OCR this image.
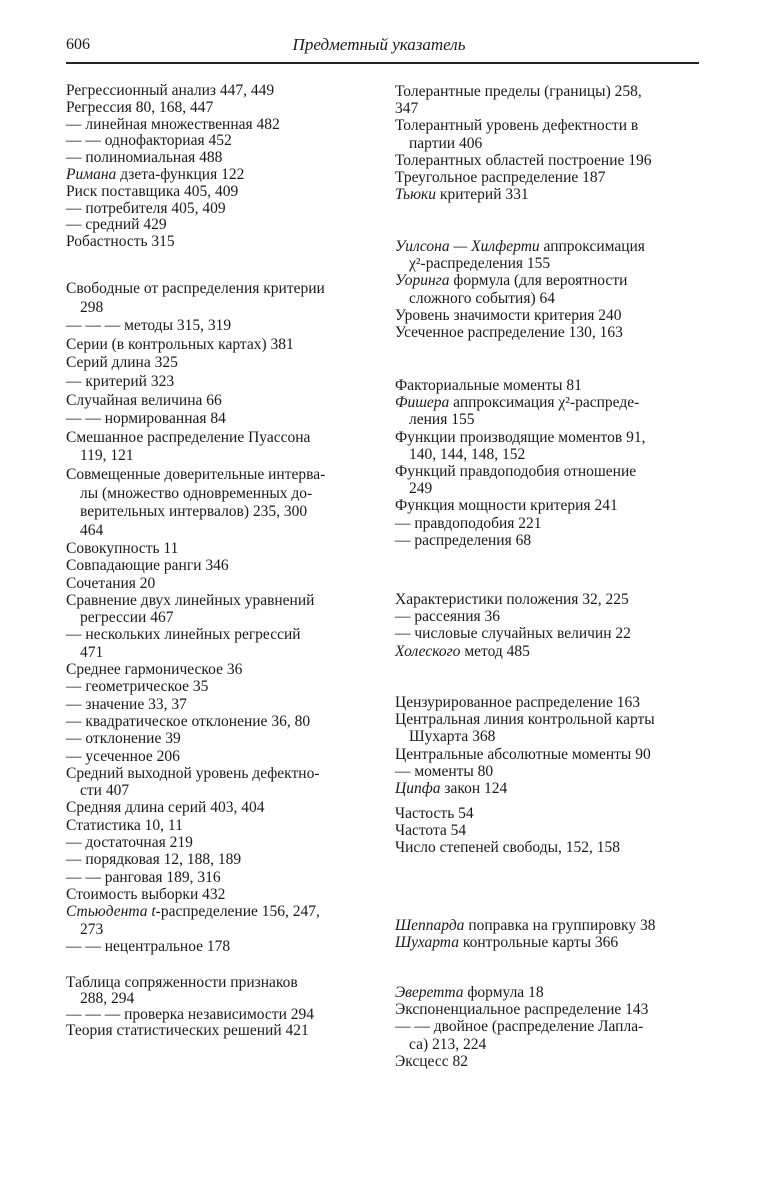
606	Предметный указатель
Регрессионный анализ 447, 449
Регрессия 80, 168, 447
— линейная множественная 482
— — однофакториая 452
— полиномиальная 488
Римана дзета-функция 122
Риск поставщика 405, 409
— потребителя 405, 409
— средний 429
Робастность 315
Свободные от распределения критерии
298
— — — методы 315, 319
Серии (в контрольных картах) 381
Серий длина 325
— критерий 323
Случайная величина 66
— — нормированная 84
Смешанное распределение Пуассона
119, 121
Совмещенные доверительные интерва-
лы (множество одновременных до-
верительных интервалов) 235, 300
464
Совокупность 11
Совпадающие ранги 346
Сочетания 20
Сравнение двух линейных уравнений
регрессии 467
— нескольких линейных регрессий
471
Среднее гармоническое 36
— геометрическое 35
— значение 33, 37
— квадратическое отклонение 36, 80
— отклонение 39
— усеченное 206
Средний выходной уровень дефектно-
сти 407
Средняя длина серий 403, 404
Статистика 10, 11
— достаточная 219
— порядковая 12, 188, 189
— — ранговая 189, 316
Стоимость выборки 432
Стьюдента t-распределение 156, 247,
273
— — нецентральное 178
Таблица сопряженности признаков
288, 294
— — — проверка независимости 294
Теория статистических решений 421
Толерантные пределы (границы) 258,
347
Толерантный уровень дефектности в
партии 406
Толерантных областей построение 196
Треугольное распределение 187
Тьюки критерий 331
Уилсона — Хилферти аппроксимация
χ²-распределения 155
Уоринга формула (для вероятности
сложного события) 64
Уровень значимости критерия 240
Усеченное распределение 130, 163
Факториальные моменты 81
Фишера аппроксимация χ²-распреде-
ления 155
Функции производящие моментов 91,
140, 144, 148, 152
Функций правдоподобия отношение
249
Функция мощности критерия 241
— правдоподобия 221
— распределения 68
Характеристики положения 32, 225
— рассеяния 36
— числовые случайных величин 22
Холеского метод 485
Цензурированное распределение 163
Центральная линия контрольной карты
Шухарта 368
Центральные абсолютные моменты 90
— моменты 80
Ципфа закон 124
Частость 54
Частота 54
Число степеней свободы, 152, 158
Шеппарда поправка на группировку 38
Шухарта контрольные карты 366
Эверетта формула 18
Экспоненциальное распределение 143
— — двойное (распределение Лапла-
са) 213, 224
Эксцесс 82
